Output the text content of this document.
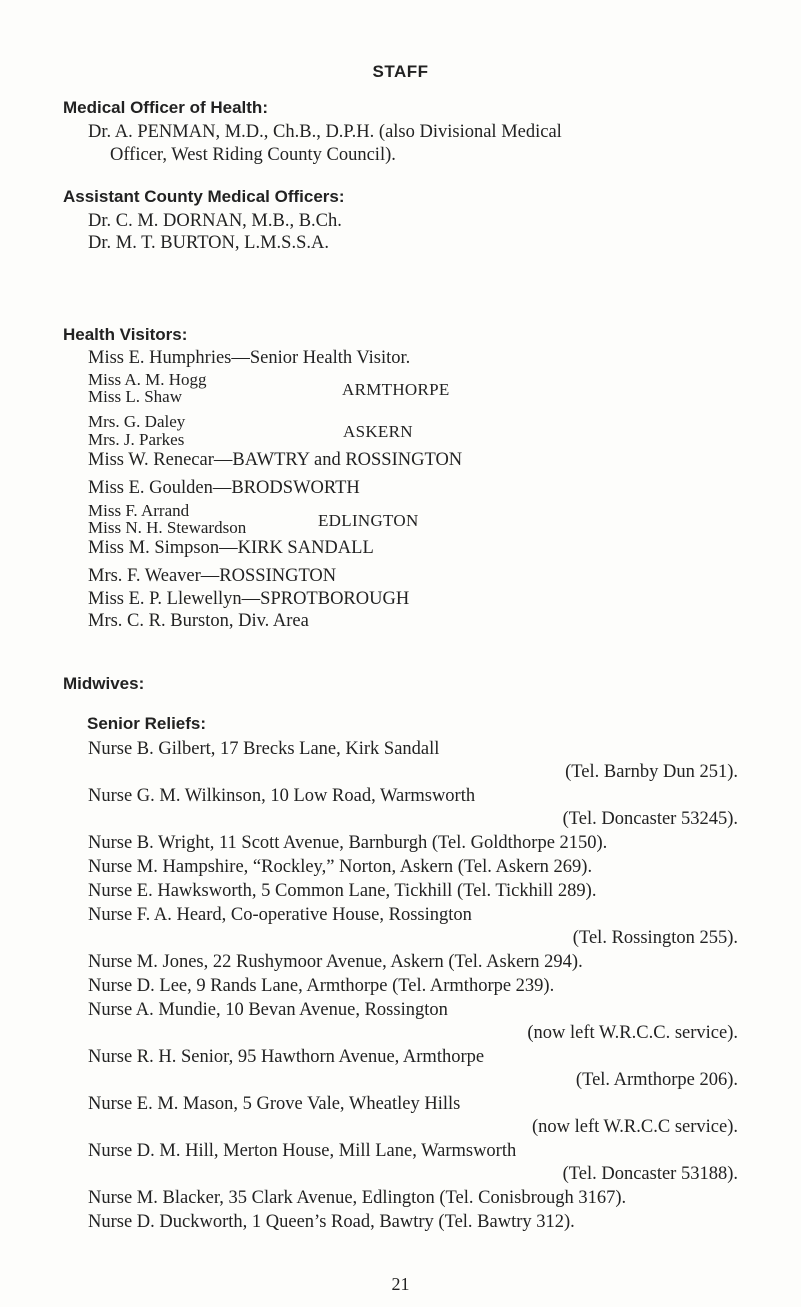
STAFF
Medical Officer of Health:
Dr. A. PENMAN, M.D., Ch.B., D.P.H. (also Divisional Medical
Officer, West Riding County Council).
Assistant County Medical Officers:
Dr. C. M. DORNAN, M.B., B.Ch.
Dr. M. T. BURTON, L.M.S.S.A.
Health Visitors:
Miss E. Humphries—Senior Health Visitor.
Miss A. M. Hogg
Miss L. Shaw	ARMTHORPE
Mrs. G. Daley
Mrs. J. Parkes	ASKERN
Miss W. Renecar—BAWTRY and ROSSINGTON
Miss E. Goulden—BRODSWORTH
Miss F. Arrand
Miss N. H. Stewardson	EDLINGTON
Miss M. Simpson—KIRK SANDALL
Mrs. F. Weaver—ROSSINGTON
Miss E. P. Llewellyn—SPROTBOROUGH
Mrs. C. R. Burston, Div. Area
Midwives:
Senior Reliefs:
Nurse B. Gilbert, 17 Brecks Lane, Kirk Sandall
(Tel. Barnby Dun 251).
Nurse G. M. Wilkinson, 10 Low Road, Warmsworth
(Tel. Doncaster 53245).
Nurse B. Wright, 11 Scott Avenue, Barnburgh (Tel. Goldthorpe 2150).
Nurse M. Hampshire, “Rockley,” Norton, Askern (Tel. Askern 269).
Nurse E. Hawksworth, 5 Common Lane, Tickhill (Tel. Tickhill 289).
Nurse F. A. Heard, Co-operative House, Rossington
(Tel. Rossington 255).
Nurse M. Jones, 22 Rushymoor Avenue, Askern (Tel. Askern 294).
Nurse D. Lee, 9 Rands Lane, Armthorpe (Tel. Armthorpe 239).
Nurse A. Mundie, 10 Bevan Avenue, Rossington
(now left W.R.C.C. service).
Nurse R. H. Senior, 95 Hawthorn Avenue, Armthorpe
(Tel. Armthorpe 206).
Nurse E. M. Mason, 5 Grove Vale, Wheatley Hills
(now left W.R.C.C service).
Nurse D. M. Hill, Merton House, Mill Lane, Warmsworth
(Tel. Doncaster 53188).
Nurse M. Blacker, 35 Clark Avenue, Edlington (Tel. Conisbrough 3167).
Nurse D. Duckworth, 1 Queen’s Road, Bawtry (Tel. Bawtry 312).
21
